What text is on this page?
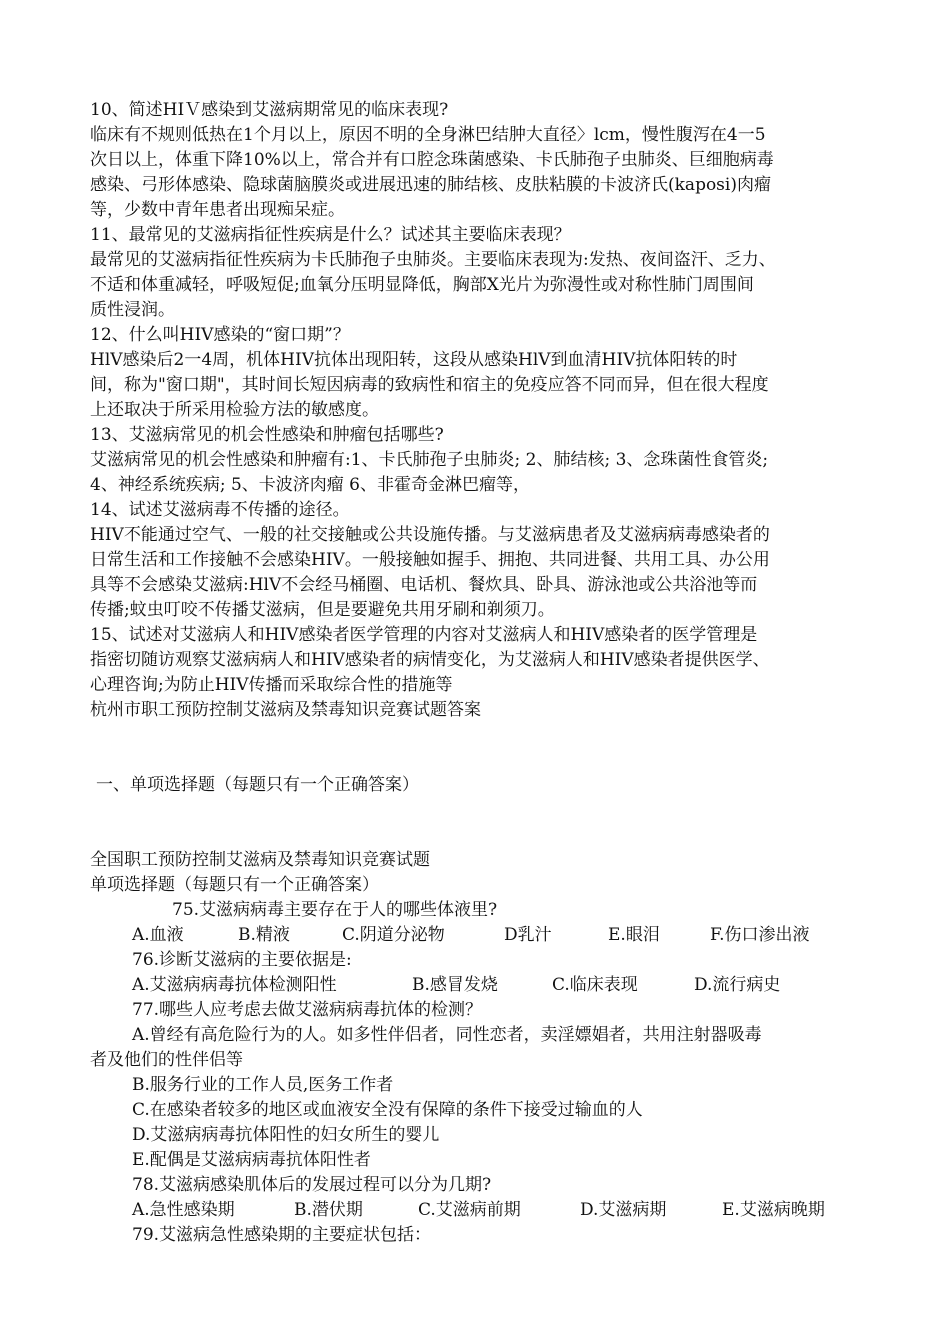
10、简述HIＶ感染到艾滋病期常见的临床表现?
临床有不规则低热在1个月以上，原因不明的全身淋巴结肿大直径〉lcm，慢性腹泻在4一5
次日以上，体重下降10%以上，常合并有口腔念珠菌感染、卡氏肺孢子虫肺炎、巨细胞病毒
感染、弓形体感染、隐球菌脑膜炎或进展迅速的肺结核、皮肤粘膜的卡波济氏(kaposi)肉瘤
等，少数中青年患者出现痴呆症。
11、最常见的艾滋病指征性疾病是什么？试述其主要临床表现？
最常见的艾滋病指征性疾病为卡氏肺孢子虫肺炎。主要临床表现为:发热、夜间盗汗、乏力、
不适和体重减轻，呼吸短促;血氧分压明显降低，胸部X光片为弥漫性或对称性肺门周围间
质性浸润。
12、什么叫HIV感染的“窗口期”？
HlV感染后2一4周，机体HIV抗体出现阳转，这段从感染HlV到血清HIV抗体阳转的时
间，称为"窗口期"，其时间长短因病毒的致病性和宿主的免疫应答不同而异，但在很大程度
上还取决于所采用检验方法的敏感度。
13、艾滋病常见的机会性感染和肿瘤包括哪些?
艾滋病常见的机会性感染和肿瘤有:1、卡氏肺孢子虫肺炎; 2、肺结核; 3、念珠菌性食管炎;
4、神经系统疾病; 5、卡波济肉瘤 6、非霍奇金淋巴瘤等，
14、试述艾滋病毒不传播的途径。
HIV不能通过空气、一般的社交接触或公共设施传播。与艾滋病患者及艾滋病病毒感染者的
日常生活和工作接触不会感染HIV。一般接触如握手、拥抱、共同进餐、共用工具、办公用
具等不会感染艾滋病:HlV不会经马桶圈、电话机、餐炊具、卧具、游泳池或公共浴池等而
传播;蚊虫叮咬不传播艾滋病，但是要避免共用牙刷和剃须刀。
15、试述对艾滋病人和HIV感染者医学管理的内容对艾滋病人和HIV感染者的医学管理是
指密切随访观察艾滋病病人和HIV感染者的病情变化，为艾滋病人和HIV感染者提供医学、
心理咨询;为防止HIV传播而采取综合性的措施等
杭州市职工预防控制艾滋病及禁毒知识竞赛试题答案
一、单项选择题（每题只有一个正确答案）
全国职工预防控制艾滋病及禁毒知识竞赛试题
单项选择题（每题只有一个正确答案）
75.艾滋病病毒主要存在于人的哪些体液里?
A.血液	B.精液	C.阴道分泌物	D乳汁	E.眼泪	F.伤口渗出液
76.诊断艾滋病的主要依据是:
A.艾滋病病毒抗体检测阳性	B.感冒发烧	C.临床表现	D.流行病史
77.哪些人应考虑去做艾滋病病毒抗体的检测？
A.曾经有高危险行为的人。如多性伴侣者，同性恋者，卖淫嫖娼者，共用注射器吸毒
者及他们的性伴侣等
B.服务行业的工作人员,医务工作者
C.在感染者较多的地区或血液安全没有保障的条件下接受过输血的人
D.艾滋病病毒抗体阳性的妇女所生的婴儿
E.配偶是艾滋病病毒抗体阳性者
78.艾滋病感染肌体后的发展过程可以分为几期?
A.急性感染期	B.潜伏期	C.艾滋病前期	D.艾滋病期	E.艾滋病晚期
79.艾滋病急性感染期的主要症状包括：
